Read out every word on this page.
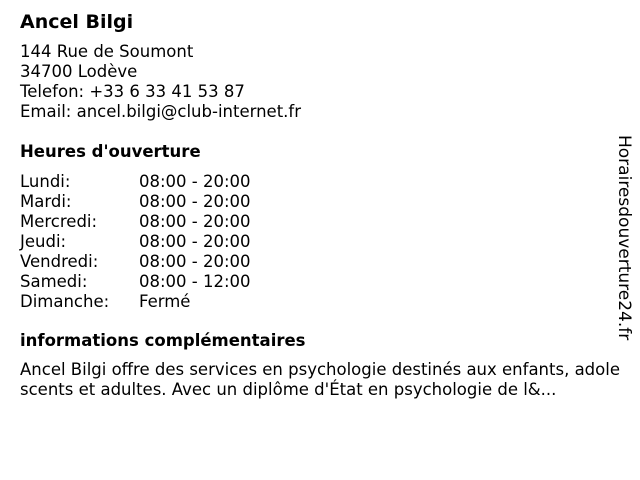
Ancel Bilgi
144 Rue de Soumont
34700 Lodève
Telefon: +33 6 33 41 53 87
Email: ancel.bilgi@club-internet.fr
Heures d'ouverture
Lundi:	08:00 - 20:00
Mardi:	08:00 - 20:00
Mercredi:	08:00 - 20:00
Jeudi:	08:00 - 20:00
Vendredi:	08:00 - 20:00
Samedi:	08:00 - 12:00
Dimanche:	Fermé
informations complémentaires
Ancel Bilgi offre des services en psychologie destinés aux enfants, adolescents et adultes. Avec un diplôme d'État en psychologie de l&...
Horairesdouverture24.fr
